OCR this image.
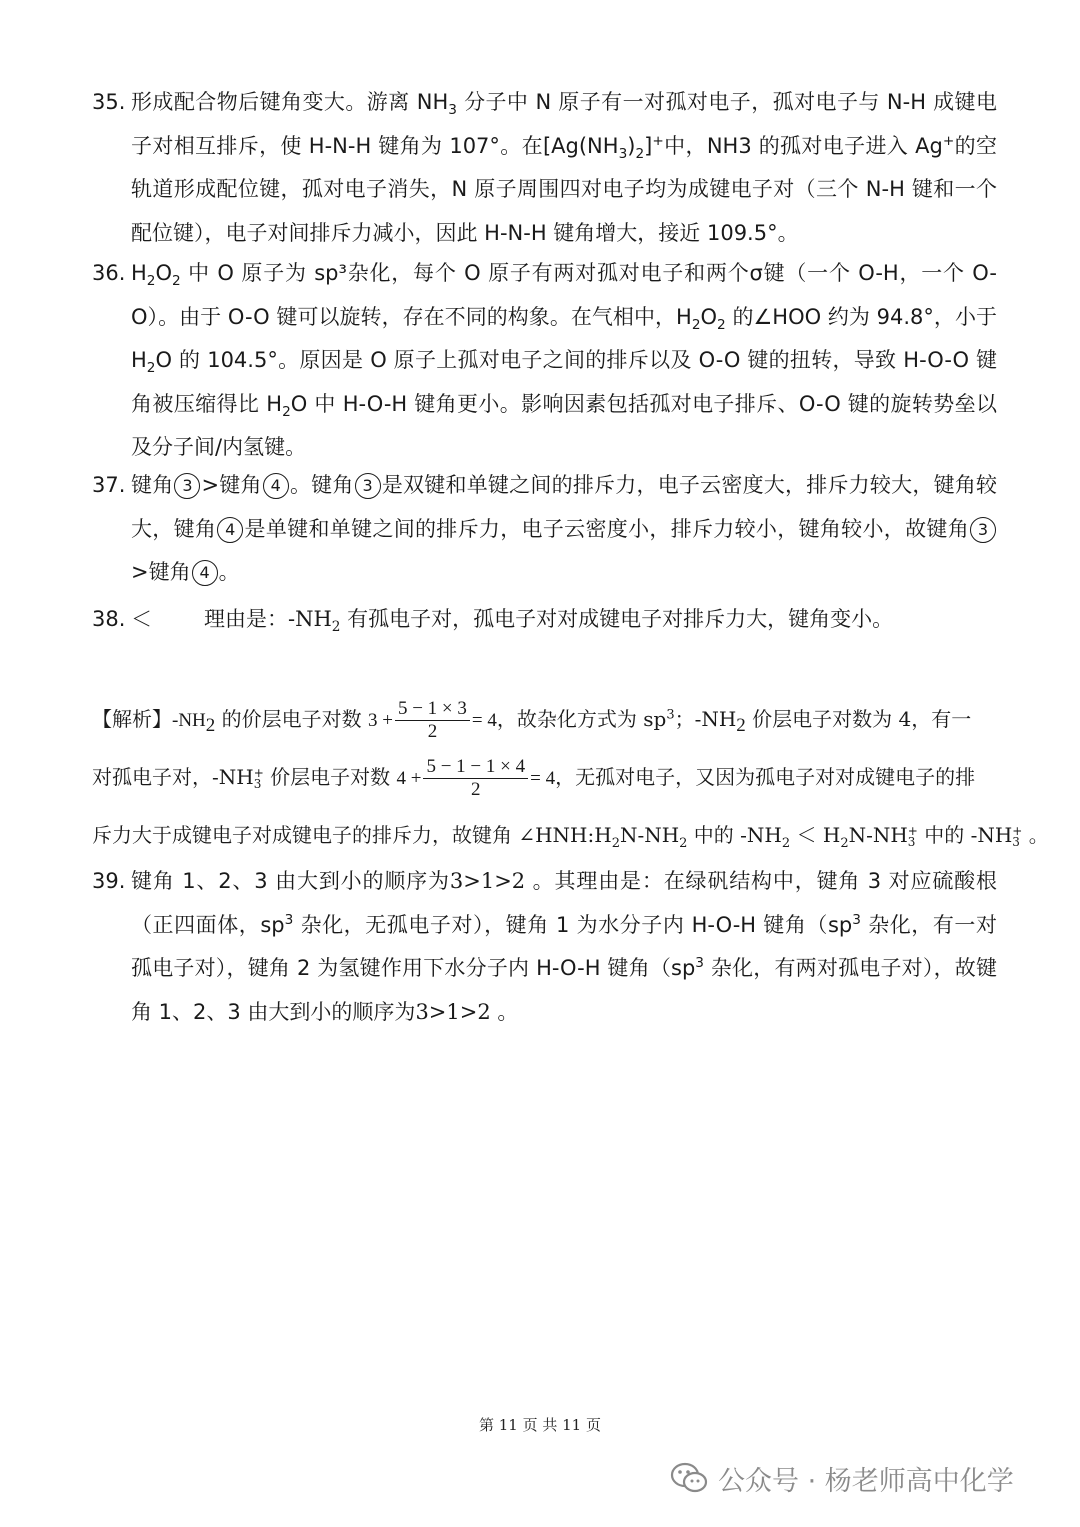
35. 形成配合物后键角变大。游离 $NH_3$ 分子中 N 原子有一对孤对电子，孤对电子与 N-H 成键电子对相互排斥，使 H-N-H 键角为 107°。在$[Ag(NH_3)_2]^+$中，NH3 的孤对电子进入 Ag+的空轨道形成配位键，孤对电子消失，N 原子周围四对电子均为成键电子对（三个 N-H 键和一个配位键），电子对间排斥力减小，因此 H-N-H 键角增大，接近 109.5°。
36. $H_2O_2$ 中 O 原子为 sp³杂化，每个 O 原子有两对孤对电子和两个σ键（一个 O-H，一个 O-O）。由于 O-O 键可以旋转，存在不同的构象。在气相中，$H_2O_2$ 的∠HOO 约为 94.8°，小于 $H_2O$ 的 104.5°。原因是 O 原子上孤对电子之间的排斥以及 O-O 键的扭转，导致 H-O-O 键角被压缩得比 $H_2O$ 中 H-O-H 键角更小。影响因素包括孤对电子排斥、O-O 键的旋转势垒以及分子间/内氢键。
37. 键角 3 >键角 4 。键角 3 是双键和单键之间的排斥力，电子云密度大，排斥力较大，键角较大，键角 4 是单键和单键之间的排斥力，电子云密度小，排斥力较小，键角较小，故键角 3>键角 4 。
38. ＜ 理由是：$-NH_2$ 有孤电子对，孤电子对对成键电子对排斥力大，键角变小。
【解析】$-NH_2$ 的价层电子对数 $3 + \frac{5 - 1 \times 3}{2} = 4$，故杂化方式为 $sp^3$；$-NH_2$ 价层电子对数为 4，有一
对孤电子对，-NH +
3 价层电子对数 $4 + \frac{5 - 1 - 1 \times 4}{2} = 4$，无孤对电子，又因为孤电子对对成键电子的排
斥力大于成键电子对成键电子的排斥力，故键角 $\angle HNH:H_2N-NH_2$ 中的 $-NH_2 < H_2N-NH$ +
3 中的 -NH +
3 。
39. 键角 1、2、3 由大到小的顺序为3>1>2 。其理由是：在绿矾结构中，键角 3 对应硫酸根（正四面体，$sp^3$ 杂化，无孤电子对），键角 1 为水分子内 H-O-H 键角（$sp^3$ 杂化，有一对孤电子对），键角 2 为氢键作用下水分子内 H-O-H 键角（$sp^3$ 杂化，有两对孤电子对），故键角 1、2、3 由大到小的顺序为3>1>2 。
第 11 页 共 11 页
公众号 · 杨老师高中化学
